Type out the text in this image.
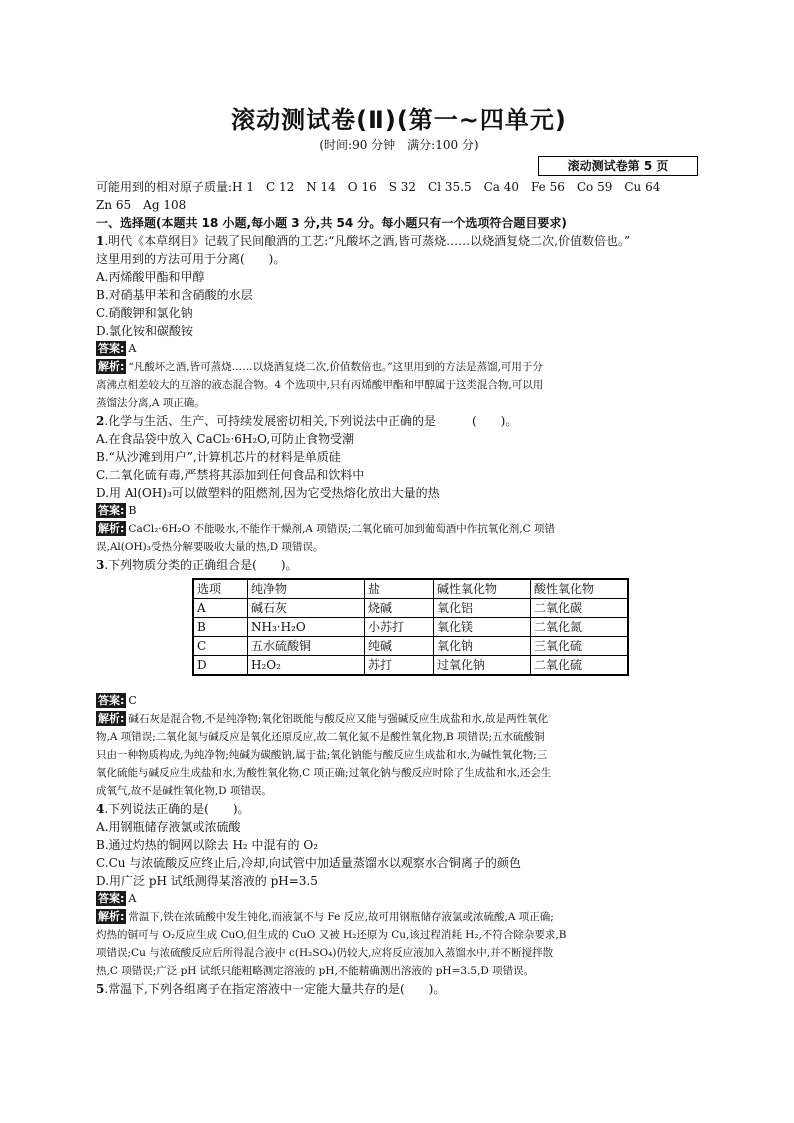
滚动测试卷(Ⅱ)(第一~四单元)
(时间:90 分钟　满分:100 分)
滚动测试卷第 5 页
可能用到的相对原子质量:H 1　C 12　N 14　O 16　S 32　Cl 35.5　Ca 40　Fe 56　Co 59　Cu 64
Zn 65　Ag 108
一、选择题(本题共 18 小题,每小题 3 分,共 54 分。每小题只有一个选项符合题目要求)
1.明代《本草纲目》记载了民间酿酒的工艺:“凡酸坏之酒,皆可蒸烧……以烧酒复烧二次,价值数倍也。”
这里用到的方法可用于分离(　　)。
A.丙烯酸甲酯和甲醇
B.对硝基甲苯和含硝酸的水层
C.硝酸钾和氯化钠
D.氯化铵和碳酸铵
答案: A
解析: “凡酸坏之酒,皆可蒸烧……以烧酒复烧二次,价值数倍也。”这里用到的方法是蒸馏,可用于分
离沸点相差较大的互溶的液态混合物。4 个选项中,只有丙烯酸甲酯和甲醇属于这类混合物,可以用
蒸馏法分离,A 项正确。
2.化学与生活、生产、可持续发展密切相关,下列说法中正确的是　　　(　　)。
A.在食品袋中放入 CaCl₂·6H₂O,可防止食物受潮
B.“从沙滩到用户”,计算机芯片的材料是单质硅
C.二氧化硫有毒,严禁将其添加到任何食品和饮料中
D.用 Al(OH)₃可以做塑料的阻燃剂,因为它受热熔化放出大量的热
答案: B
解析: CaCl₂·6H₂O 不能吸水,不能作干燥剂,A 项错误;二氧化硫可加到葡萄酒中作抗氧化剂,C 项错
误,Al(OH)₃受热分解要吸收大量的热,D 项错误。
3.下列物质分类的正确组合是(　　)。
选项	纯净物	盐	碱性氧化物	酸性氧化物
A	碱石灰	烧碱	氧化铝	二氧化碳
B	NH₃·H₂O	小苏打	氧化镁	二氧化氮
C	五水硫酸铜	纯碱	氧化钠	三氧化硫
D	H₂O₂	苏打	过氧化钠	二氧化硫
答案: C
解析: 碱石灰是混合物,不是纯净物;氧化铝既能与酸反应又能与强碱反应生成盐和水,故是两性氧化
物,A 项错误;二氧化氮与碱反应是氧化还原反应,故二氧化氮不是酸性氧化物,B 项错误;五水硫酸铜
只由一种物质构成,为纯净物;纯碱为碳酸钠,属于盐;氧化钠能与酸反应生成盐和水,为碱性氧化物;三
氧化硫能与碱反应生成盐和水,为酸性氧化物,C 项正确;过氧化钠与酸反应时除了生成盐和水,还会生
成氧气,故不是碱性氧化物,D 项错误。
4.下列说法正确的是(　　)。
A.用钢瓶储存液氯或浓硫酸
B.通过灼热的铜网以除去 H₂ 中混有的 O₂
C.Cu 与浓硫酸反应终止后,冷却,向试管中加适量蒸馏水以观察水合铜离子的颜色
D.用广泛 pH 试纸测得某溶液的 pH=3.5
答案: A
解析: 常温下,铁在浓硫酸中发生钝化,而液氯不与 Fe 反应,故可用钢瓶储存液氯或浓硫酸,A 项正确;
灼热的铜可与 O₂反应生成 CuO,但生成的 CuO 又被 H₂还原为 Cu,该过程消耗 H₂,不符合除杂要求,B
项错误;Cu 与浓硫酸反应后所得混合液中 c(H₂SO₄)仍较大,应将反应液加入蒸馏水中,并不断搅拌散
热,C 项错误;广泛 pH 试纸只能粗略测定溶液的 pH,不能精确测出溶液的 pH=3.5,D 项错误。
5.常温下,下列各组离子在指定溶液中一定能大量共存的是(　　)。
